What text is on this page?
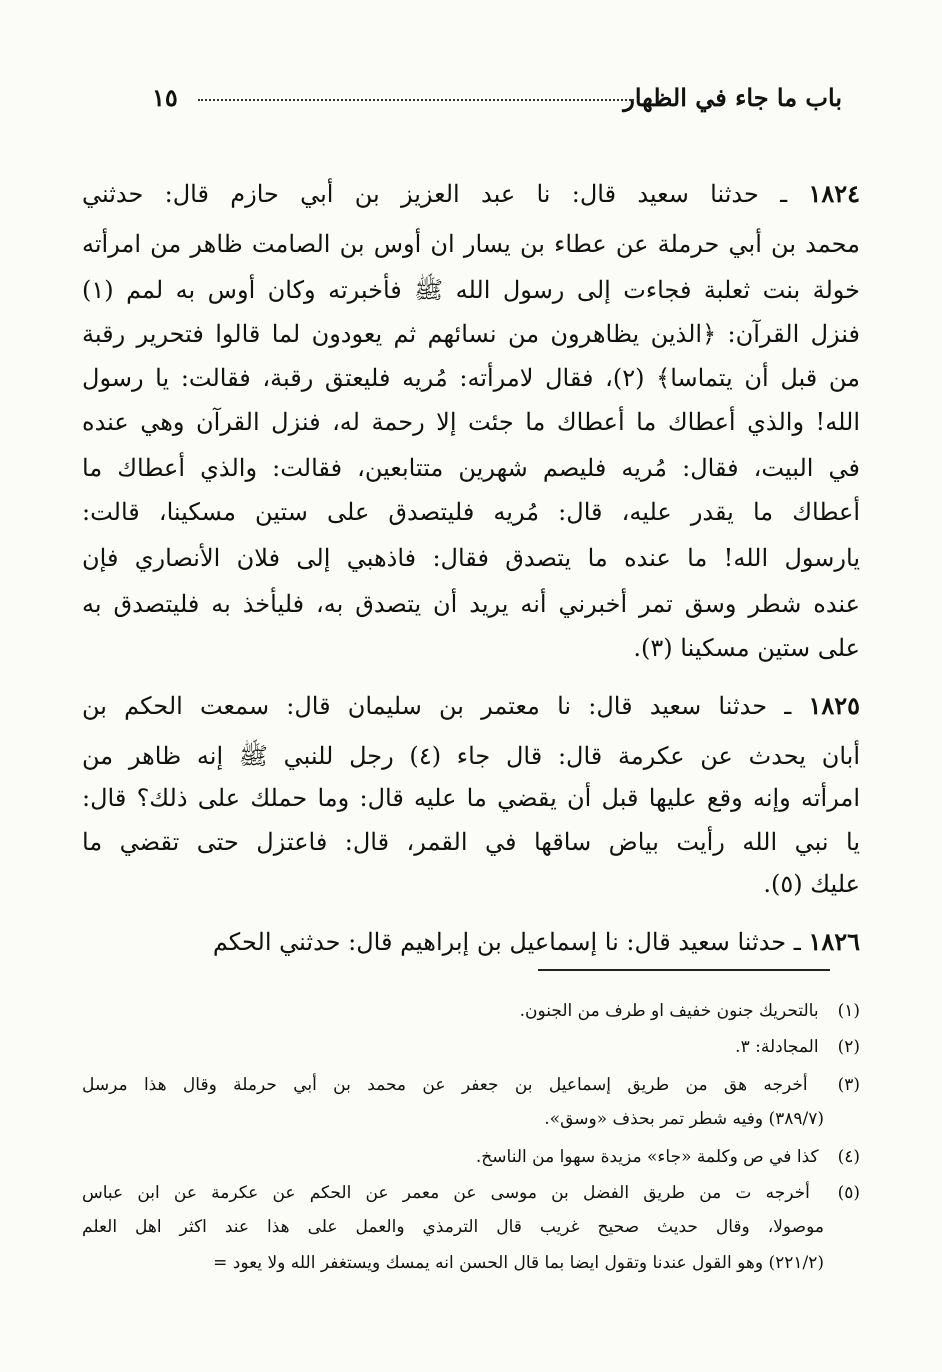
باب ما جاء في الظهار
١٥
١٨٢٤ ـ حدثنا سعيد قال: نا عبد العزيز بن أبي حازم قال: حدثني
محمد بن أبي حرملة عن عطاء بن يسار ان أوس بن الصامت ظاهر من امرأته
خولة بنت ثعلبة فجاءت إلى رسول الله ﷺ فأخبرته وكان أوس به لمم (١)
فنزل القرآن: ﴿الذين يظاهرون من نسائهم ثم يعودون لما قالوا فتحرير رقبة
من قبل أن يتماسا﴾ (٢)، فقال لامرأته: مُريه فليعتق رقبة، فقالت: يا رسول
الله! والذي أعطاك ما أعطاك ما جئت إلا رحمة له، فنزل القرآن وهي عنده
في البيت، فقال: مُريه فليصم شهرين متتابعين، فقالت: والذي أعطاك ما
أعطاك ما يقدر عليه، قال: مُريه فليتصدق على ستين مسكينا، قالت:
يارسول الله! ما عنده ما يتصدق فقال: فاذهبي إلى فلان الأنصاري فإن
عنده شطر وسق تمر أخبرني أنه يريد أن يتصدق به، فليأخذ به فليتصدق به
على ستين مسكينا (٣).
١٨٢٥ ـ حدثنا سعيد قال: نا معتمر بن سليمان قال: سمعت الحكم بن
أبان يحدث عن عكرمة قال: قال جاء (٤) رجل للنبي ﷺ إنه ظاهر من
امرأته وإنه وقع عليها قبل أن يقضي ما عليه قال: وما حملك على ذلك؟ قال:
يا نبي الله رأيت بياض ساقها في القمر، قال: فاعتزل حتى تقضي ما
عليك (٥).
١٨٢٦ ـ حدثنا سعيد قال: نا إسماعيل بن إبراهيم قال: حدثني الحكم
(١) بالتحريك جنون خفيف او طرف من الجنون.
(٢) المجادلة: ٣.
(٣) أخرجه هق من طريق إسماعيل بن جعفر عن محمد بن أبي حرملة وقال هذا مرسل
(٣٨٩/٧) وفيه شطر تمر بحذف «وسق».
(٤) كذا في ص وكلمة «جاء» مزيدة سهوا من الناسخ.
(٥) أخرجه ت من طريق الفضل بن موسى عن معمر عن الحكم عن عكرمة عن ابن عباس
موصولا، وقال حديث صحيح غريب قال الترمذي والعمل على هذا عند اكثر اهل العلم
(٢٢١/٢) وهو القول عندنا وتقول ايضا بما قال الحسن انه يمسك ويستغفر الله ولا يعود =
